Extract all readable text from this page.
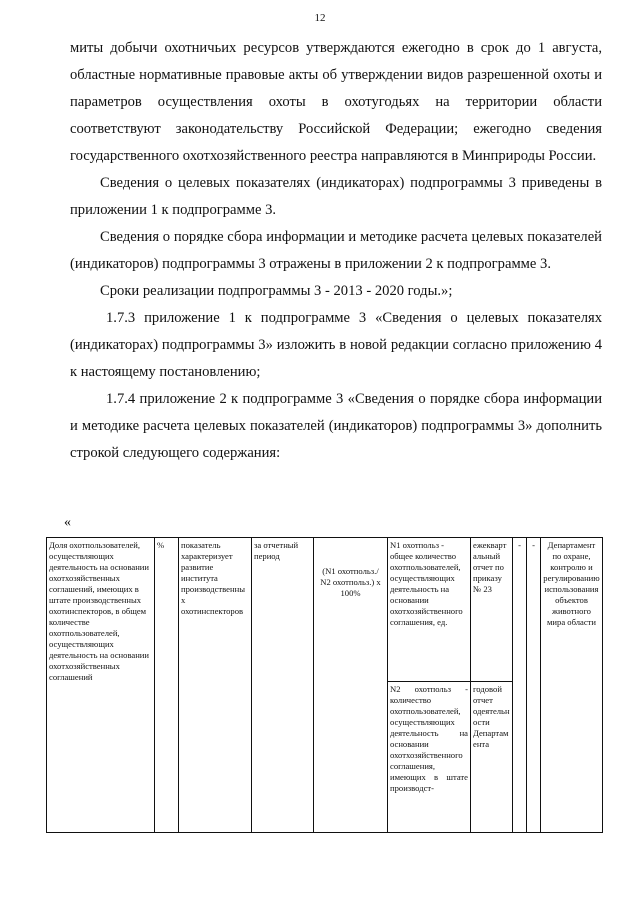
12

миты добычи охотничьих ресурсов утверждаются ежегодно в срок до 1 августа, областные нормативные правовые акты об утверждении видов разрешенной охоты и параметров осуществления охоты в охотугодьях на территории области соответствуют законодательству Российской Федерации; ежегодно сведения государственного охотхозяйственного реестра направляются в Минприроды России.

Сведения о целевых показателях (индикаторах) подпрограммы 3 приведены в приложении 1 к подпрограмме 3.

Сведения о порядке сбора информации и методике расчета целевых показателей (индикаторов) подпрограммы 3 отражены в приложении 2 к подпрограмме 3.

Сроки реализации подпрограммы 3 - 2013 - 2020 годы.»;

1.7.3 приложение 1 к подпрограмме 3 «Сведения о целевых показателях (индикаторах) подпрограммы 3» изложить в новой редакции согласно приложению 4 к настоящему постановлению;

1.7.4 приложение 2 к подпрограмме 3 «Сведения о порядке сбора информации и методике расчета целевых показателей (индикаторов) подпрограммы 3» дополнить строкой следующего содержания:

«
Доля охотпользователей, осуществляющих деятельность на основании охотхозяйственных соглашений, имеющих в штате производственных охотинспекторов, в общем количестве охотпользователей, осуществляющих деятельность на основании охотхозяйственных соглашений	%	показатель характеризует развитие институтa производственных охотинспекторов	за отчетный период	(N1 охотпольз./ N2 охотпольз.) x 100%	N1 охотпольз - общее количество охотпользователей, осуществляющих деятельность на основании охотхозяйственного соглашения, ед.	ежеквартальный отчет по приказу № 23	-	-	Департамент по охране, контролю и регулированию использования объектов животного мира области
					N2 охотпольз - количество охотпользователей, осуществляющих деятельность на основании охотхозяйственного соглашения, имеющих в штате производст-	годовой отчет одеятельности Департамента			
